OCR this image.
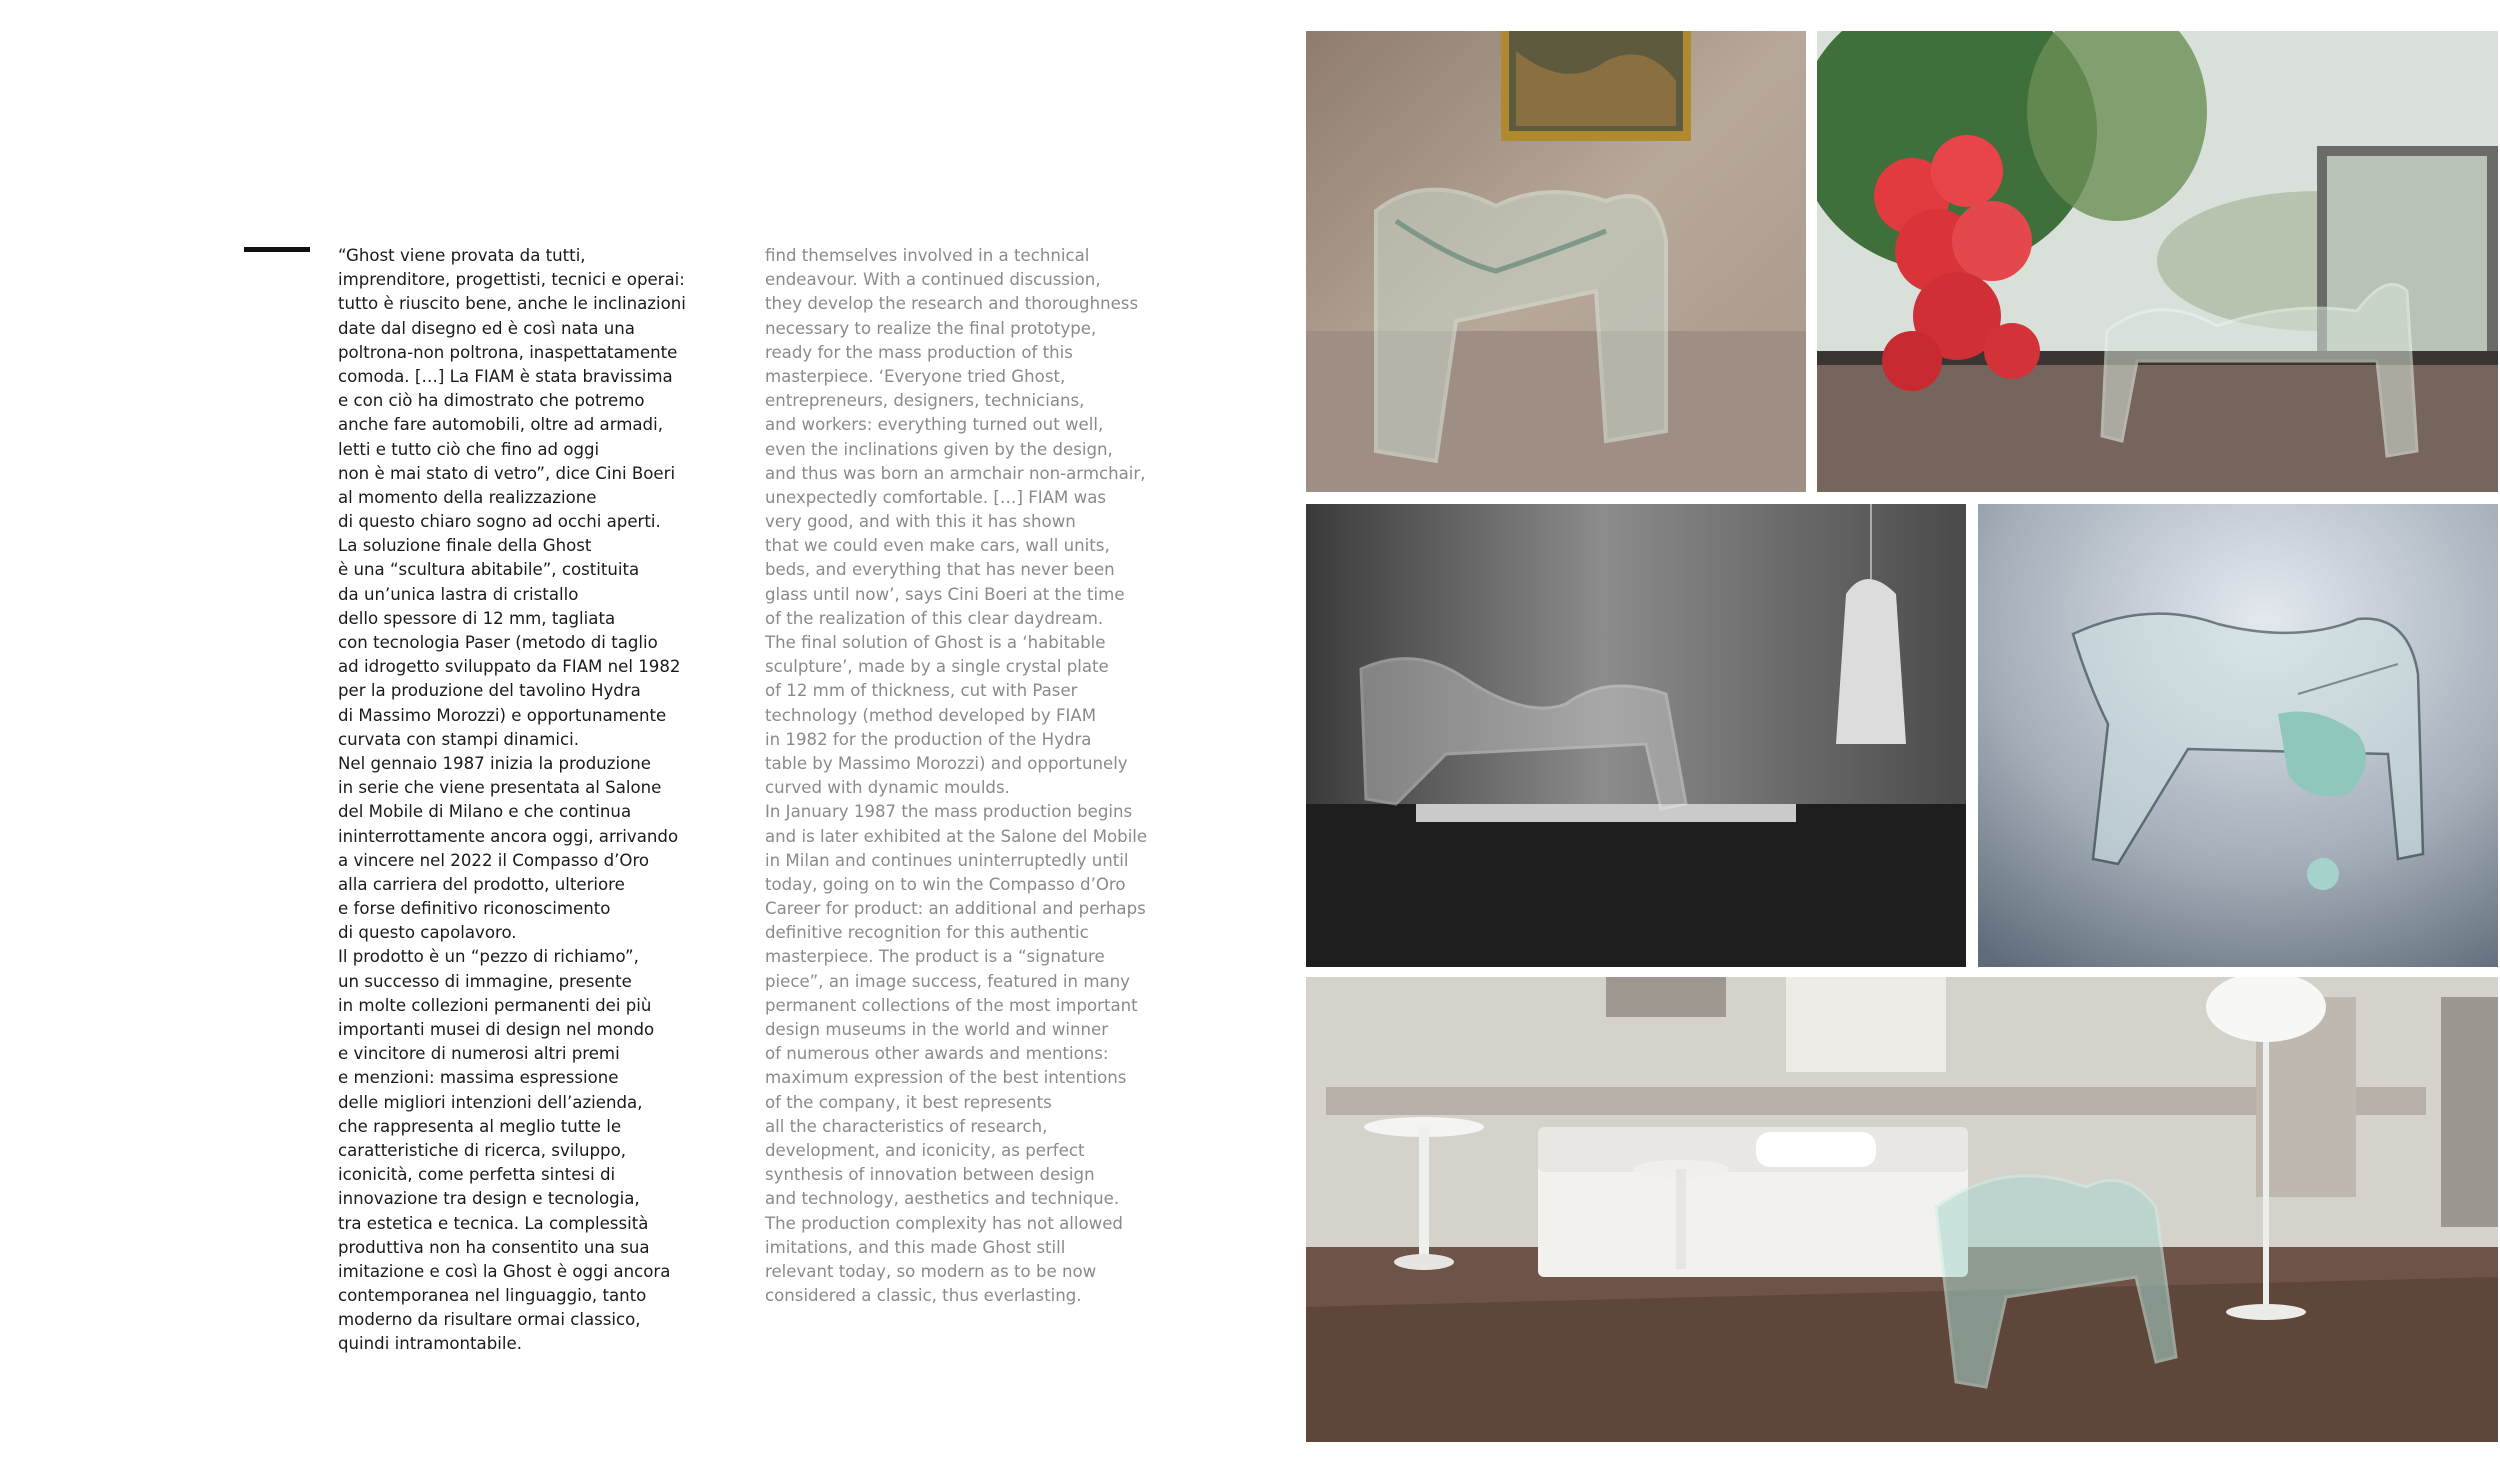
“Ghost viene provata da tutti,
imprenditore, progettisti, tecnici e operai:
tutto è riuscito bene, anche le inclinazioni
date dal disegno ed è così nata una
poltrona-non poltrona, inaspettatamente
comoda. […] La FIAM è stata bravissima
e con ciò ha dimostrato che potremo
anche fare automobili, oltre ad armadi,
letti e tutto ciò che fino ad oggi
non è mai stato di vetro”, dice Cini Boeri
al momento della realizzazione
di questo chiaro sogno ad occhi aperti.
La soluzione finale della Ghost
è una “scultura abitabile”, costituita
da un’unica lastra di cristallo
dello spessore di 12 mm, tagliata
con tecnologia Paser (metodo di taglio
ad idrogetto sviluppato da FIAM nel 1982
per la produzione del tavolino Hydra
di Massimo Morozzi) e opportunamente
curvata con stampi dinamici.
Nel gennaio 1987 inizia la produzione
in serie che viene presentata al Salone
del Mobile di Milano e che continua
ininterrottamente ancora oggi, arrivando
a vincere nel 2022 il Compasso d’Oro
alla carriera del prodotto, ulteriore
e forse definitivo riconoscimento
di questo capolavoro.
Il prodotto è un “pezzo di richiamo”,
un successo di immagine, presente
in molte collezioni permanenti dei più
importanti musei di design nel mondo
e vincitore di numerosi altri premi
e menzioni: massima espressione
delle migliori intenzioni dell’azienda,
che rappresenta al meglio tutte le
caratteristiche di ricerca, sviluppo,
iconicità, come perfetta sintesi di
innovazione tra design e tecnologia,
tra estetica e tecnica. La complessità
produttiva non ha consentito una sua
imitazione e così la Ghost è oggi ancora
contemporanea nel linguaggio, tanto
moderno da risultare ormai classico,
quindi intramontabile.
find themselves involved in a technical
endeavour. With a continued discussion,
they develop the research and thoroughness
necessary to realize the final prototype,
ready for the mass production of this
masterpiece. ‘Everyone tried Ghost,
entrepreneurs, designers, technicians,
and workers: everything turned out well,
even the inclinations given by the design,
and thus was born an armchair non-armchair,
unexpectedly comfortable. […] FIAM was
very good, and with this it has shown
that we could even make cars, wall units,
beds, and everything that has never been
glass until now’, says Cini Boeri at the time
of the realization of this clear daydream.
The final solution of Ghost is a ‘habitable
sculpture’, made by a single crystal plate
of 12 mm of thickness, cut with Paser
technology (method developed by FIAM
in 1982 for the production of the Hydra
table by Massimo Morozzi) and opportunely
curved with dynamic moulds.
In January 1987 the mass production begins
and is later exhibited at the Salone del Mobile
in Milan and continues uninterruptedly until
today, going on to win the Compasso d’Oro
Career for product: an additional and perhaps
definitive recognition for this authentic
masterpiece. The product is a “signature
piece”, an image success, featured in many
permanent collections of the most important
design museums in the world and winner
of numerous other awards and mentions:
maximum expression of the best intentions
of the company, it best represents
all the characteristics of research,
development, and iconicity, as perfect
synthesis of innovation between design
and technology, aesthetics and technique.
The production complexity has not allowed
imitations, and this made Ghost still
relevant today, so modern as to be now
considered a classic, thus everlasting.
